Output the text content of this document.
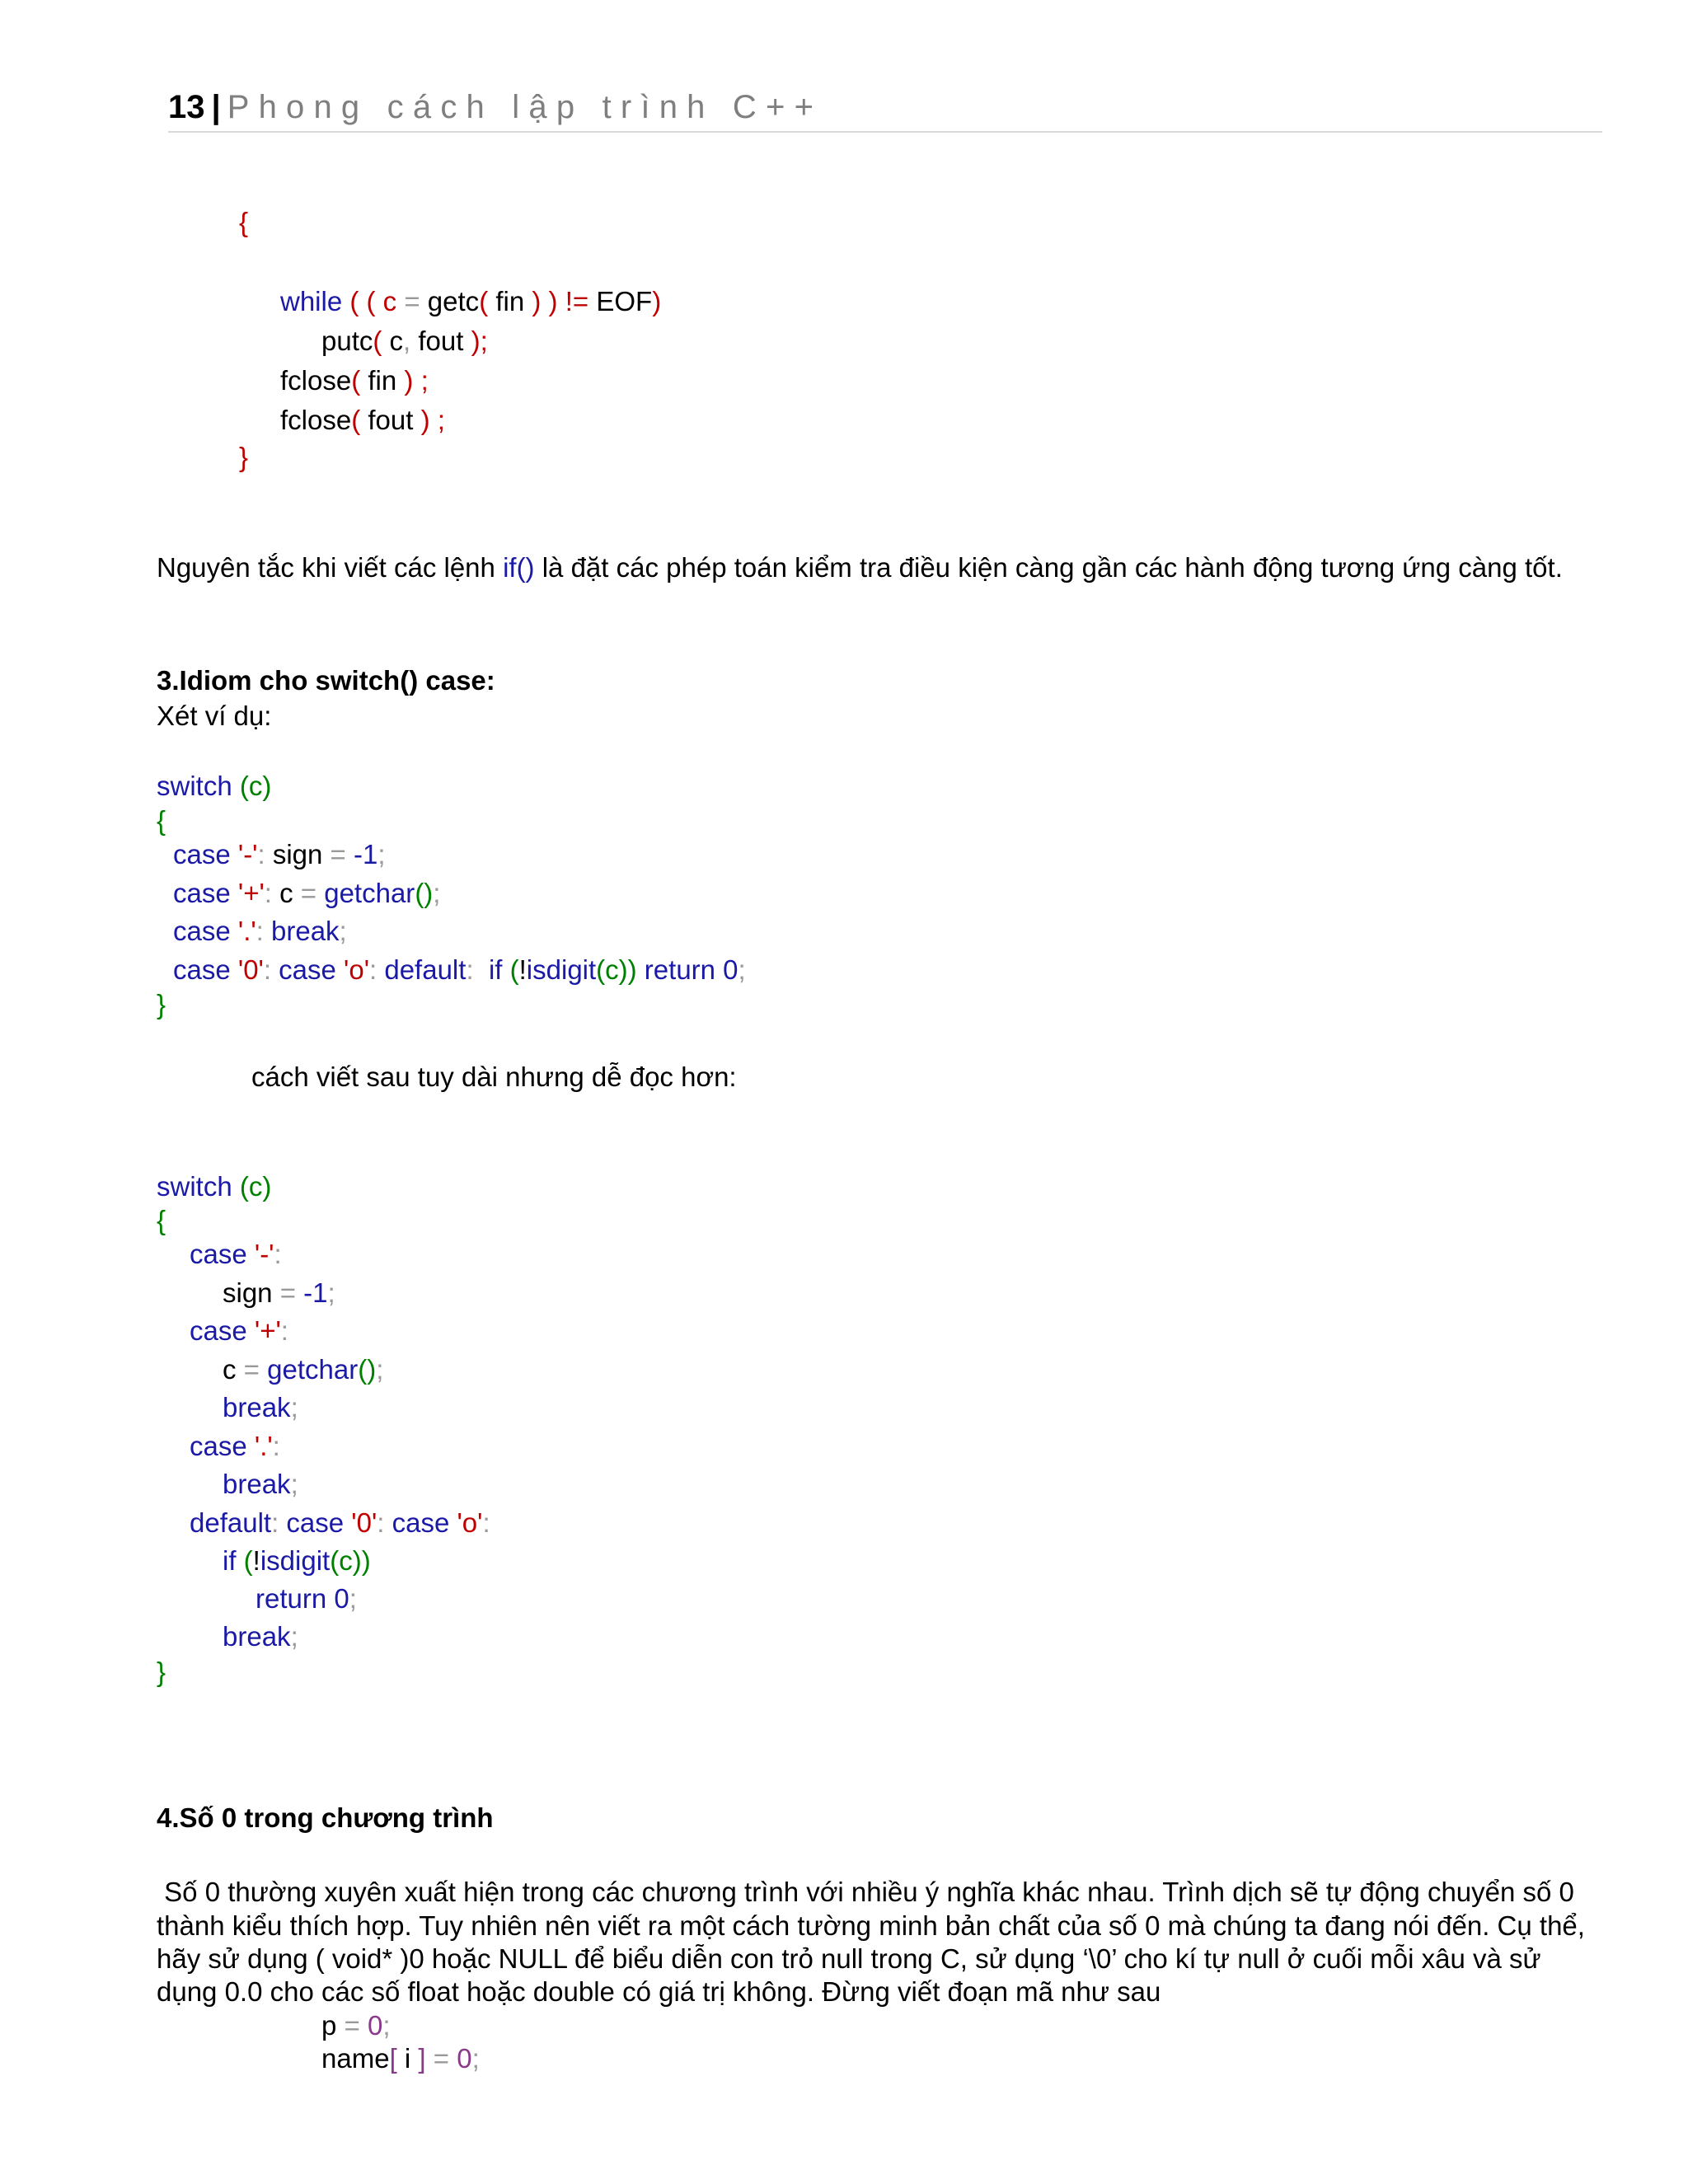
13 | Phong cách lập trình C++
{
while ( ( c = getc( fin ) ) != EOF)
putc( c, fout );
fclose( fin ) ;
fclose( fout ) ;
}
Nguyên tắc khi viết các lệnh if() là đặt các phép toán kiểm tra điều kiện càng gần các hành động tương ứng càng tốt.
3.Idiom cho switch() case:
Xét ví dụ:
switch (c)
{
case '-': sign = -1;
case '+': c = getchar();
case '.': break;
case '0': case 'o': default:  if (!isdigit(c)) return 0;
}
cách viết sau tuy dài nhưng dễ đọc hơn:
switch (c)
{
case '-':
sign = -1;
case '+':
c = getchar();
break;
case '.':
break;
default: case '0': case 'o':
if (!isdigit(c))
return 0;
break;
}
4.Số 0 trong chương trình
Số 0 thường xuyên xuất hiện trong các chương trình với nhiều ý nghĩa khác nhau. Trình dịch sẽ tự động chuyển số 0
thành kiểu thích hợp. Tuy nhiên nên viết ra một cách tường minh bản chất của số 0 mà chúng ta đang nói đến. Cụ thể,
hãy sử dụng ( void* )0 hoặc NULL để biểu diễn con trỏ null trong C, sử dụng ‘\0’ cho kí tự null ở cuối mỗi xâu và sử
dụng 0.0 cho các số float hoặc double có giá trị không. Đừng viết đoạn mã như sau
p = 0;
name[ i ] = 0;
